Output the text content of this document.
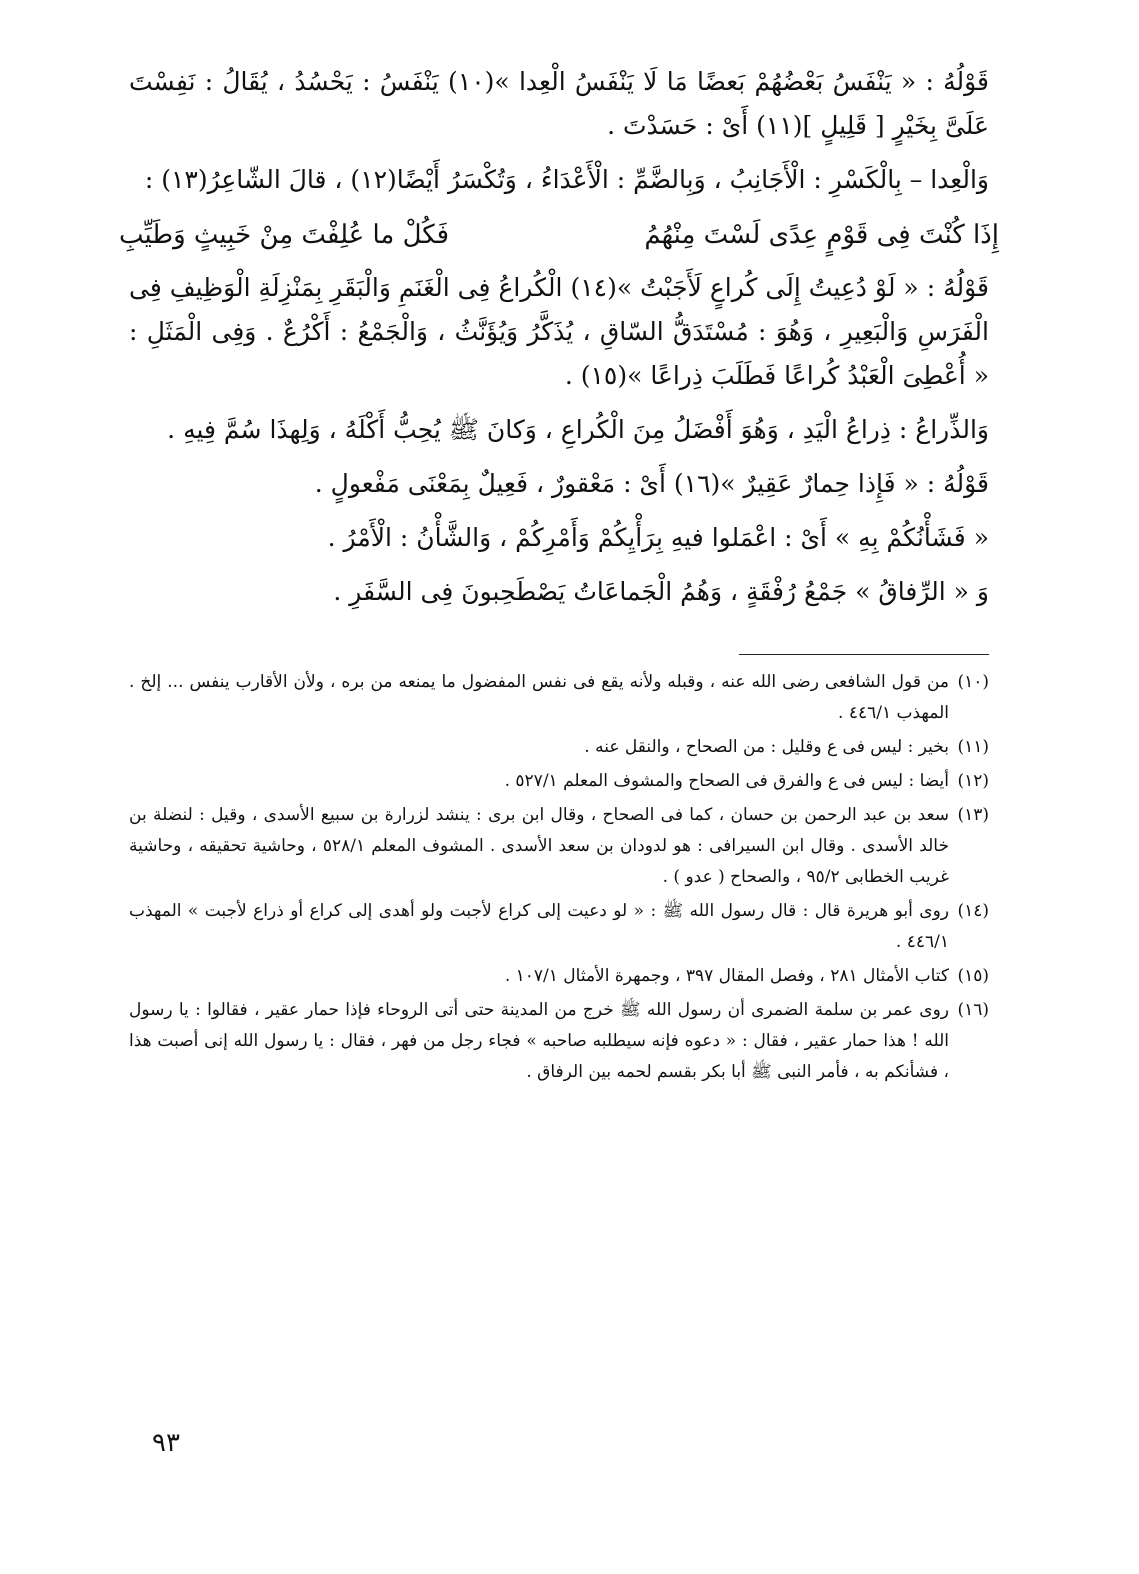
قَوْلُهُ : « يَنْفَسُ بَعْضُهُمْ بَعضًا مَا لَا يَنْفَسُ الْعِدا »(١٠) يَنْفَسُ : يَحْسُدُ ، يُقَالُ : نَفِسْتَ عَلَىَّ بِخَيْرٍ [ قَلِيلٍ ](١١) أَىْ : حَسَدْتَ .

وَالْعِدا – بِالْكَسْرِ : الْأَجَانِبُ ، وَبِالضَّمِّ : الْأَعْدَاءُ ، وَتُكْسَرُ أَيْضًا(١٢) ، قالَ الشّاعِرُ(١٣) :

إِذَا كُنْتَ فِى قَوْمٍ عِدًى لَسْتَ مِنْهُمُ
فَكُلْ ما عُلِفْتَ مِنْ خَبِيثٍ وَطَيِّبِ

قَوْلُهُ : « لَوْ دُعِيتُ إِلَى كُراعٍ لَأَجَبْتُ »(١٤) الْكُراعُ فِى الْغَنَمِ وَالْبَقَرِ بِمَنْزِلَةِ الْوَظِيفِ فِى الْفَرَسِ وَالْبَعِيرِ ، وَهُوَ : مُسْتَدَقُّ السّاقِ ، يُذَكَّرُ وَيُؤَنَّثُ ، وَالْجَمْعُ : أَكْرُعٌ . وَفِى الْمَثَلِ : « أُعْطِىَ الْعَبْدُ كُراعًا فَطَلَبَ ذِراعًا »(١٥) .

وَالذِّراعُ : ذِراعُ الْيَدِ ، وَهُوَ أَفْضَلُ مِنَ الْكُراعِ ، وَكانَ ﷺ يُحِبُّ أَكْلَهُ ، وَلِهذَا سُمَّ فِيهِ .

قَوْلُهُ : « فَإِذا حِمارٌ عَقِيرٌ »(١٦) أَىْ : مَعْقورٌ ، فَعِيلٌ بِمَعْنَى مَفْعولٍ .

« فَشَأْنُكُمْ بِهِ » أَىْ : اعْمَلوا فيهِ بِرَأْيِكُمْ وَأَمْرِكُمْ ، وَالشَّأْنُ : الْأَمْرُ .

وَ « الرِّفاقُ » جَمْعُ رُفْقَةٍ ، وَهُمُ الْجَماعَاتُ يَصْطَحِبونَ فِى السَّفَرِ .

(١٠)
من قول الشافعى رضى الله عنه ، وقبله ولأنه يقع فى نفس المفضول ما يمنعه من بره ، ولأن الأقارب ينفس ... إلخ . المهذب ٤٤٦/١ .
(١١)
بخير : ليس فى ع وقليل : من الصحاح ، والنقل عنه .
(١٢)
أيضا : ليس فى ع والفرق فى الصحاح والمشوف المعلم ٥٢٧/١ .
(١٣)
سعد بن عبد الرحمن بن حسان ، كما فى الصحاح ، وقال ابن برى : ينشد لزرارة بن سبيع الأسدى ، وقيل : لنضلة بن خالد الأسدى . وقال ابن السيرافى : هو لدودان بن سعد الأسدى . المشوف المعلم ٥٢٨/١ ، وحاشية تحقيقه ، وحاشية غريب الخطابى ٩٥/٢ ، والصحاح ( عدو ) .
(١٤)
روى أبو هريرة قال : قال رسول الله ﷺ : « لو دعيت إلى كراع لأجبت ولو أهدى إلى كراع أو ذراع لأجبت » المهذب ٤٤٦/١ .
(١٥)
كتاب الأمثال ٢٨١ ، وفصل المقال ٣٩٧ ، وجمهرة الأمثال ١٠٧/١ .
(١٦)
روى عمر بن سلمة الضمرى أن رسول الله ﷺ خرج من المدينة حتى أتى الروحاء فإذا حمار عقير ، فقالوا : يا رسول الله ! هذا حمار عقير ، فقال : « دعوه فإنه سيطلبه صاحبه » فجاء رجل من فهر ، فقال : يا رسول الله إنى أصبت هذا ، فشأنكم به ، فأمر النبى ﷺ أبا بكر بقسم لحمه بين الرفاق .
٩٣
